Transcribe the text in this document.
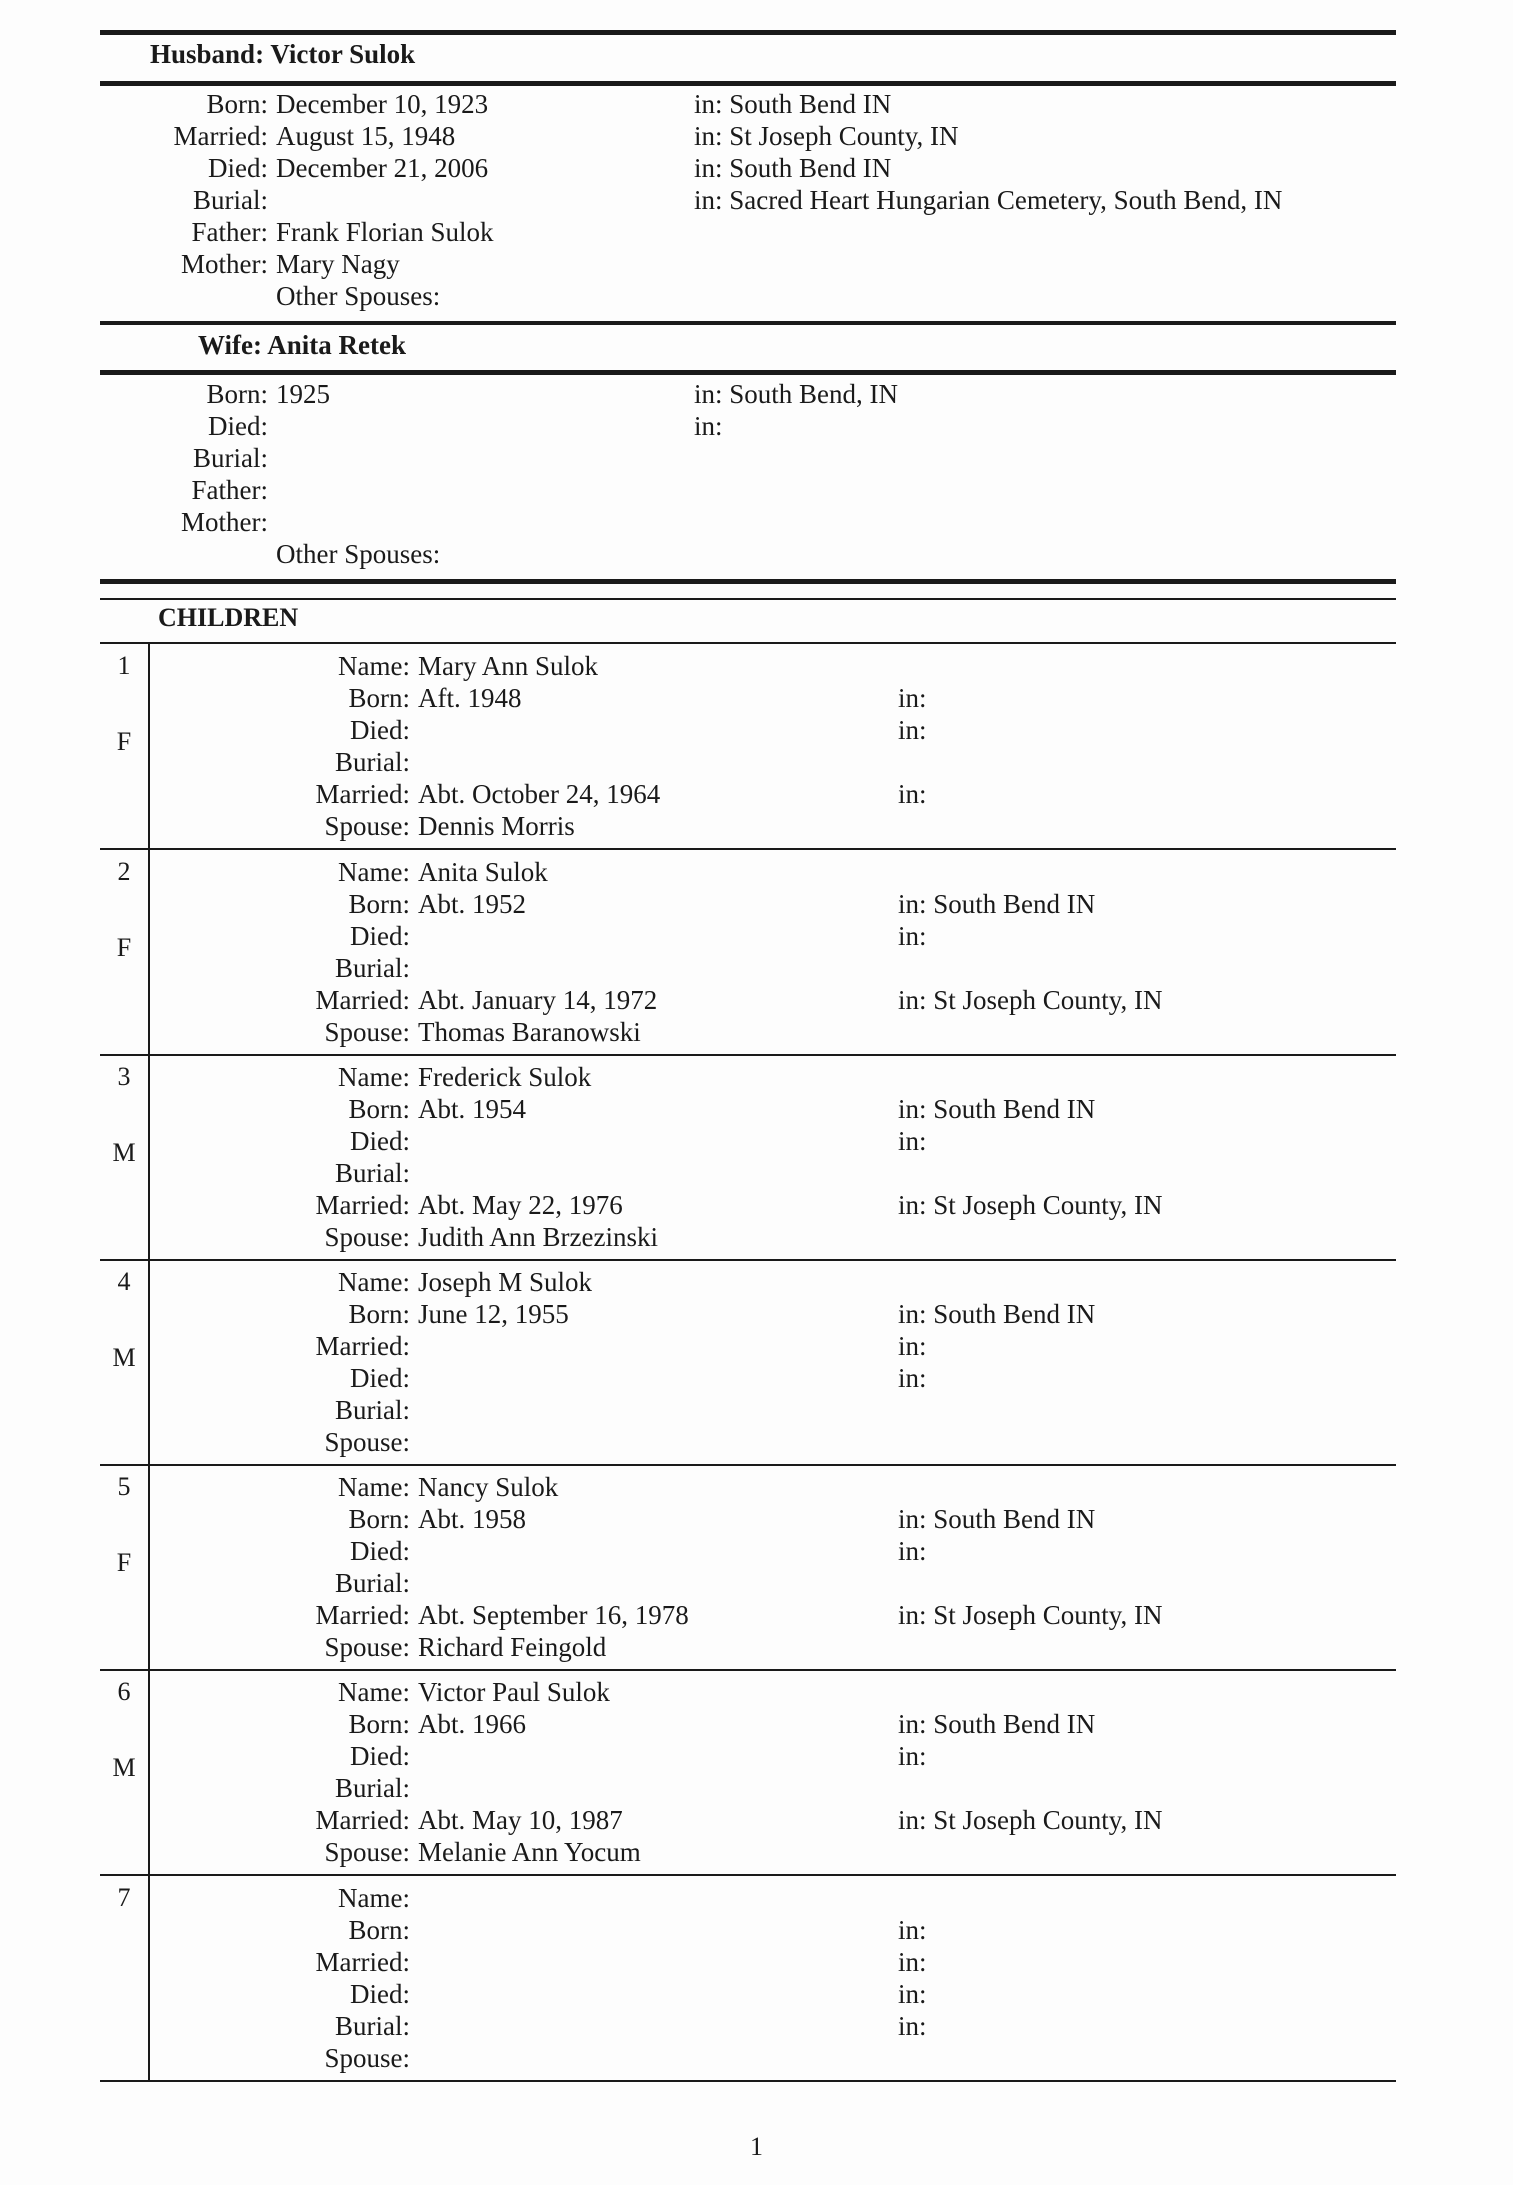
Husband: Victor Sulok
Born: December 10, 1923	in: South Bend IN
Married: August 15, 1948	in: St Joseph County, IN
Died: December 21, 2006	in: South Bend IN
Burial:	in: Sacred Heart Hungarian Cemetery, South Bend, IN
Father: Frank Florian Sulok
Mother: Mary Nagy
Other Spouses:
Wife: Anita Retek
Born: 1925	in: South Bend, IN
Died:	in:
Burial:
Father:
Mother:
Other Spouses:
CHILDREN
1
F
Name: Mary Ann Sulok
Born: Aft. 1948	in:
Died:	in:
Burial:
Married: Abt. October 24, 1964	in:
Spouse: Dennis Morris
2
F
Name: Anita Sulok
Born: Abt. 1952	in: South Bend IN
Died:	in:
Burial:
Married: Abt. January 14, 1972	in: St Joseph County, IN
Spouse: Thomas Baranowski
3
M
Name: Frederick Sulok
Born: Abt. 1954	in: South Bend IN
Died:	in:
Burial:
Married: Abt. May 22, 1976	in: St Joseph County, IN
Spouse: Judith Ann Brzezinski
4
M
Name: Joseph M Sulok
Born: June 12, 1955	in: South Bend IN
Married:	in:
Died:	in:
Burial:
Spouse:
5
F
Name: Nancy Sulok
Born: Abt. 1958	in: South Bend IN
Died:	in:
Burial:
Married: Abt. September 16, 1978	in: St Joseph County, IN
Spouse: Richard Feingold
6
M
Name: Victor Paul Sulok
Born: Abt. 1966	in: South Bend IN
Died:	in:
Burial:
Married: Abt. May 10, 1987	in: St Joseph County, IN
Spouse: Melanie Ann Yocum
7	Name:
Born:	in:
Married:	in:
Died:	in:
Burial:	in:
Spouse:
1
